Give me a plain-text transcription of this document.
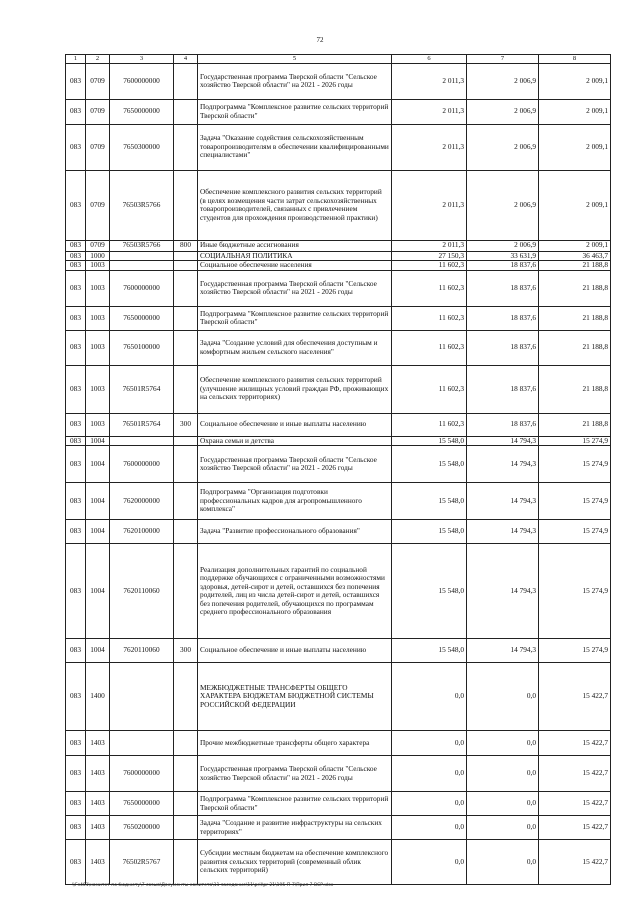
72
1	2	3	4	5	6	7	8
083	0709	7600000000		Государственная программа Тверской области "Сельское хозяйство Тверской области" на 2021 - 2026 годы	2 011,3	2 006,9	2 009,1
083	0709	7650000000		Подпрограмма "Комплексное развитие сельских территорий Тверской области"	2 011,3	2 006,9	2 009,1
083	0709	7650300000		Задача "Оказание содействия сельскохозяйственным товаропроизводителям в обеспечении квалифицированными специалистами"	2 011,3	2 006,9	2 009,1
083	0709	76503R5766		Обеспечение комплексного развития сельских территорий (в целях возмещения части затрат сельскохозяйственных товаропроизводителей, связанных с привлечением студентов для прохождения производственной практики)	2 011,3	2 006,9	2 009,1
083	0709	76503R5766	800	Иные бюджетные ассигнования	2 011,3	2 006,9	2 009,1
083	1000			СОЦИАЛЬНАЯ ПОЛИТИКА	27 150,3	33 631,9	36 463,7
083	1003			Социальное обеспечение населения	11 602,3	18 837,6	21 188,8
083	1003	7600000000		Государственная программа Тверской области "Сельское хозяйство Тверской области" на 2021 - 2026 годы	11 602,3	18 837,6	21 188,8
083	1003	7650000000		Подпрограмма "Комплексное развитие сельских территорий Тверской области"	11 602,3	18 837,6	21 188,8
083	1003	7650100000		Задача "Создание условий для обеспечения доступным и комфортным жильем сельского населения"	11 602,3	18 837,6	21 188,8
083	1003	76501R5764		Обеспечение комплексного развития сельских территорий (улучшение жилищных условий граждан РФ, проживающих на сельских территориях)	11 602,3	18 837,6	21 188,8
083	1003	76501R5764	300	Социальное обеспечение и иные выплаты населению	11 602,3	18 837,6	21 188,8
083	1004			Охрана семьи и детства	15 548,0	14 794,3	15 274,9
083	1004	7600000000		Государственная программа Тверской области "Сельское хозяйство Тверской области" на 2021 - 2026 годы	15 548,0	14 794,3	15 274,9
083	1004	7620000000		Подпрограмма "Организация подготовки профессиональных кадров для агропромышленного комплекса"	15 548,0	14 794,3	15 274,9
083	1004	7620100000		Задача "Развитие профессионального образования"	15 548,0	14 794,3	15 274,9
083	1004	7620110060		Реализация дополнительных гарантий по социальной поддержке обучающихся с ограниченными возможностями здоровья, детей-сирот и детей, оставшихся без попечения родителей, лиц из числа детей-сирот и детей, оставшихся без попечения родителей, обучающихся по программам среднего профессионального образования	15 548,0	14 794,3	15 274,9
083	1004	7620110060	300	Социальное обеспечение и иные выплаты населению	15 548,0	14 794,3	15 274,9
083	1400			МЕЖБЮДЖЕТНЫЕ ТРАНСФЕРТЫ ОБЩЕГО ХАРАКТЕРА БЮДЖЕТАМ БЮДЖЕТНОЙ СИСТЕМЫ РОССИЙСКОЙ ФЕДЕРАЦИИ	0,0	0,0	15 422,7
083	1403			Прочие межбюджетные трансферты общего характера	0,0	0,0	15 422,7
083	1403	7600000000		Государственная программа Тверской области "Сельское хозяйство Тверской области" на 2021 - 2026 годы	0,0	0,0	15 422,7
083	1403	7650000000		Подпрограмма "Комплексное развитие сельских территорий Тверской области"	0,0	0,0	15 422,7
083	1403	7650200000		Задача "Создание и развитие инфраструктуры на сельских территориях"	0,0	0,0	15 422,7
083	1403	76502R5767		Субсидии местным бюджетам на обеспечение комплексного развития сельских территорий (современный облик сельских территорий)	0,0	0,0	15 422,7
\\Fs401\комитет по бюджету\7 созыв\Документы комитета\11 заседание\11\pril\pr-21\195-П-7\Прил 7 ВСР.xlsx
